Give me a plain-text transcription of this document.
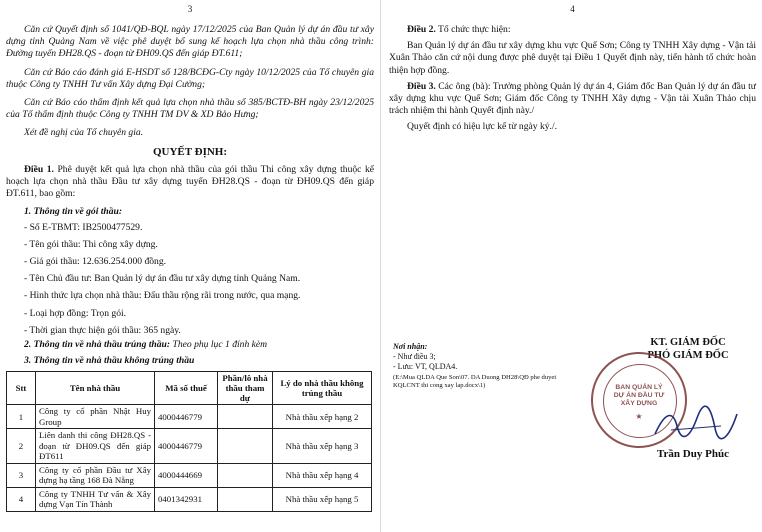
3

Căn cứ Quyết định số 1041/QĐ-BQL ngày 17/12/2025 của Ban Quản lý dự án đầu tư xây dựng tỉnh Quảng Nam về việc phê duyệt bổ sung kế hoạch lựa chọn nhà thầu công trình: Đường tuyến ĐH28.QS - đoạn từ ĐH09.QS đến giáp ĐT.611;

Căn cứ Báo cáo đánh giá E-HSDT số 128/BCĐG-Cty ngày 10/12/2025 của Tổ chuyên gia thuộc Công ty TNHH Tư vấn Xây dựng Đại Cường;

Căn cứ Báo cáo thẩm định kết quả lựa chọn nhà thầu số 385/BCTĐ-BH ngày 23/12/2025 của Tổ thẩm định thuộc Công ty TNHH TM DV & XD Bảo Hưng;

Xét đề nghị của Tổ chuyên gia.

QUYẾT ĐỊNH:

Điều 1. Phê duyệt kết quả lựa chọn nhà thầu của gói thầu Thi công xây dựng thuộc kế hoạch lựa chọn nhà thầu Đầu tư xây dựng tuyến ĐH28.QS - đoạn từ ĐH09.QS đến giáp ĐT.611, bao gồm:

1. Thông tin về gói thầu:

- Số E-TBMT: IB2500477529.

- Tên gói thầu: Thi công xây dựng.

- Giá gói thầu: 12.636.254.000 đồng.

- Tên Chủ đầu tư: Ban Quản lý dự án đầu tư xây dựng tỉnh Quảng Nam.

- Hình thức lựa chọn nhà thầu: Đấu thầu rộng rãi trong nước, qua mạng.

- Loại hợp đồng: Trọn gói.

- Thời gian thực hiện gói thầu: 365 ngày.

2. Thông tin về nhà thầu trúng thầu: Theo phụ lục 1 đính kèm

3. Thông tin về nhà thầu không trúng thầu

Stt	Tên nhà thầu	Mã số thuế	Phần/lô nhà thầu tham dự	Lý do nhà thầu không trúng thầu
1	Công ty cổ phần Nhật Huy Group	4000446779		Nhà thầu xếp hạng 2
2	Liên danh thi công ĐH28.QS - đoạn từ ĐH09.QS đến giáp ĐT611	4000446779		Nhà thầu xếp hạng 3
3	Công ty cổ phần Đầu tư Xây dựng hạ tầng 168 Đà Nẵng	4000444669		Nhà thầu xếp hạng 4
4	Công ty TNHH Tư vấn & Xây dựng Vạn Tín Thành	0401342931		Nhà thầu xếp hạng 5
4

Điều 2. Tổ chức thực hiện:

Ban Quản lý dự án đầu tư xây dựng khu vực Quế Sơn; Công ty TNHH Xây dựng - Vận tải Xuân Thảo căn cứ nội dung được phê duyệt tại Điều 1 Quyết định này, tiến hành tổ chức hoàn thiện hợp đồng.

Điều 3. Các ông (bà): Trưởng phòng Quản lý dự án 4, Giám đốc Ban Quản lý dự án đầu tư xây dựng khu vực Quế Sơn; Giám đốc Công ty TNHH Xây dựng - Vận tải Xuân Thảo chịu trách nhiệm thi hành Quyết định này./

Quyết định có hiệu lực kể từ ngày ký./.

Nơi nhận:

- Như điều 3;

- Lưu: VT, QLDA4.

(E:\Mua QLDA Que Son\07. DA Duong DH28\QĐ phe duyet KQLCNT thi cong xay lap.docx\1)

KT. GIÁM ĐỐC
PHÓ GIÁM ĐỐC
BAN QUẢN LÝ DỰ ÁN ĐẦU TƯ XÂY DỰNG
★
Trần Duy Phúc
